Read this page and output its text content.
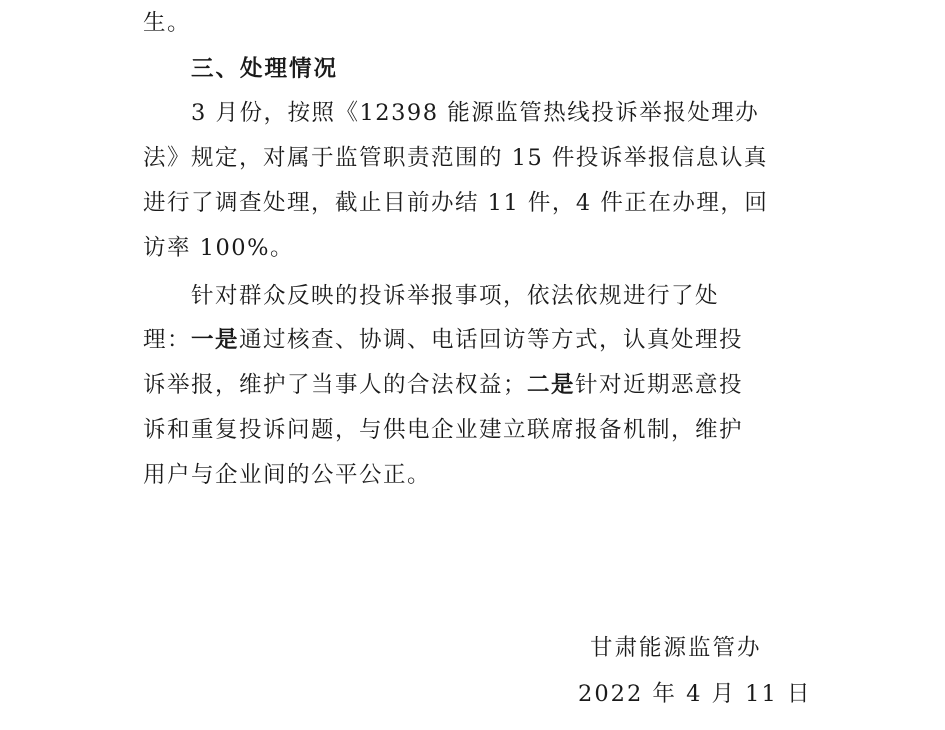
生。
三、处理情况
3 月份，按照《12398 能源监管热线投诉举报处理办
法》规定，对属于监管职责范围的 15 件投诉举报信息认真
进行了调查处理，截止目前办结 11 件，4 件正在办理，回
访率 100%。
针对群众反映的投诉举报事项，依法依规进行了处
理：一是通过核查、协调、电话回访等方式，认真处理投
诉举报，维护了当事人的合法权益；二是针对近期恶意投
诉和重复投诉问题，与供电企业建立联席报备机制，维护
用户与企业间的公平公正。
甘肃能源监管办
2022 年 4 月 11 日
